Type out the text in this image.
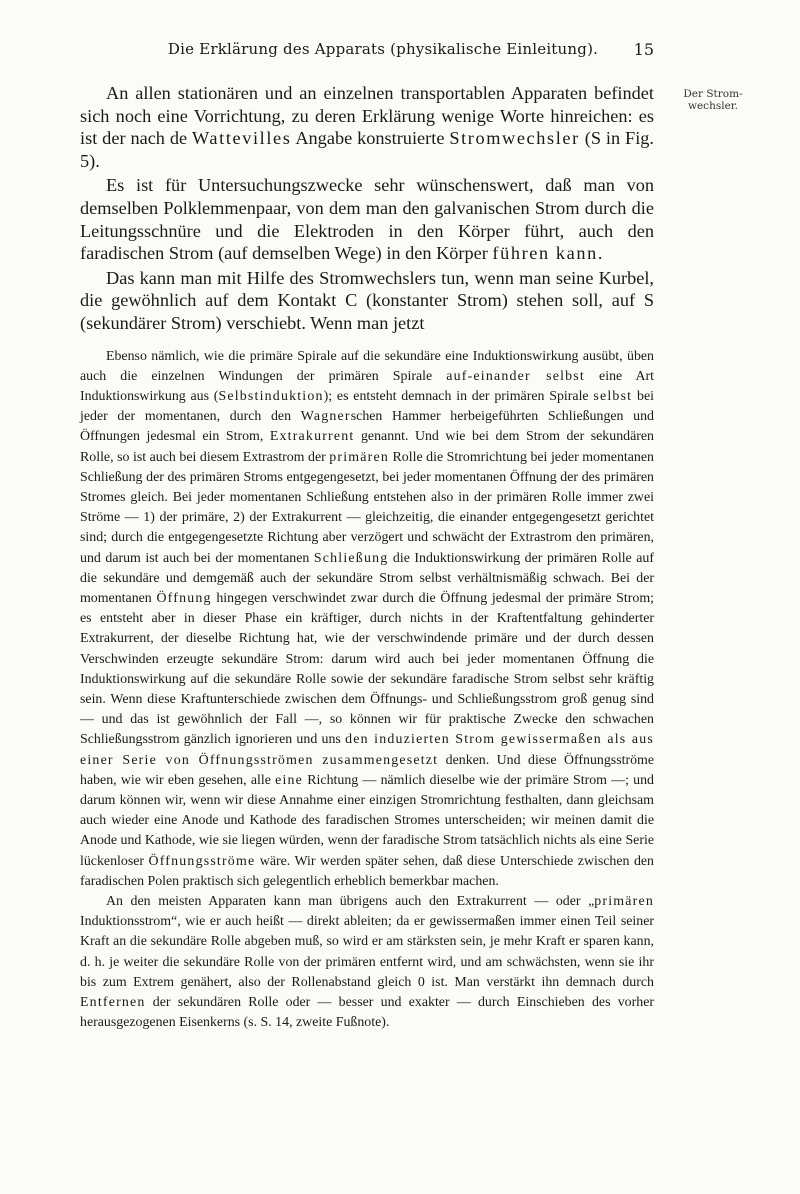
Die Erklärung des Apparats (physikalische Einleitung).	15
Der Strom-wechsler.

An allen stationären und an einzelnen transportablen Apparaten befindet sich noch eine Vorrichtung, zu deren Erklärung wenige Worte hinreichen: es ist der nach de Wattevilles Angabe konstruierte Stromwechsler (S in Fig. 5).

Es ist für Untersuchungszwecke sehr wünschenswert, daß man von demselben Polklemmenpaar, von dem man den galvanischen Strom durch die Leitungsschnüre und die Elektroden in den Körper führt, auch den faradischen Strom (auf demselben Wege) in den Körper führen kann.

Das kann man mit Hilfe des Stromwechslers tun, wenn man seine Kurbel, die gewöhnlich auf dem Kontakt C (konstanter Strom) stehen soll, auf S (sekundärer Strom) verschiebt. Wenn man jetzt

Ebenso nämlich, wie die primäre Spirale auf die sekundäre eine Induktionswirkung ausübt, üben auch die einzelnen Windungen der primären Spirale auf-einander selbst eine Art Induktionswirkung aus (Selbstinduktion); es entsteht demnach in der primären Spirale selbst bei jeder der momentanen, durch den Wagnerschen Hammer herbeigeführten Schließungen und Öffnungen jedesmal ein Strom, Extrakurrent genannt. Und wie bei dem Strom der sekundären Rolle, so ist auch bei diesem Extrastrom der primären Rolle die Stromrichtung bei jeder momentanen Schließung der des primären Stroms entgegengesetzt, bei jeder momentanen Öffnung der des primären Stromes gleich. Bei jeder momentanen Schließung entstehen also in der primären Rolle immer zwei Ströme — 1) der primäre, 2) der Extrakurrent — gleichzeitig, die einander entgegengesetzt gerichtet sind; durch die entgegengesetzte Richtung aber verzögert und schwächt der Extrastrom den primären, und darum ist auch bei der momentanen Schließung die Induktionswirkung der primären Rolle auf die sekundäre und demgemäß auch der sekundäre Strom selbst verhältnismäßig schwach. Bei der momentanen Öffnung hingegen verschwindet zwar durch die Öffnung jedesmal der primäre Strom; es entsteht aber in dieser Phase ein kräftiger, durch nichts in der Kraftentfaltung gehinderter Extrakurrent, der dieselbe Richtung hat, wie der verschwindende primäre und der durch dessen Verschwinden erzeugte sekundäre Strom: darum wird auch bei jeder momentanen Öffnung die Induktionswirkung auf die sekundäre Rolle sowie der sekundäre faradische Strom selbst sehr kräftig sein. Wenn diese Kraftunterschiede zwischen dem Öffnungs- und Schließungsstrom groß genug sind — und das ist gewöhnlich der Fall —, so können wir für praktische Zwecke den schwachen Schließungsstrom gänzlich ignorieren und uns den induzierten Strom gewissermaßen als aus einer Serie von Öffnungsströmen zusammengesetzt denken. Und diese Öffnungsströme haben, wie wir eben gesehen, alle eine Richtung — nämlich dieselbe wie der primäre Strom —; und darum können wir, wenn wir diese Annahme einer einzigen Stromrichtung festhalten, dann gleichsam auch wieder eine Anode und Kathode des faradischen Stromes unterscheiden; wir meinen damit die Anode und Kathode, wie sie liegen würden, wenn der faradische Strom tatsächlich nichts als eine Serie lückenloser Öffnungsströme wäre. Wir werden später sehen, daß diese Unterschiede zwischen den faradischen Polen praktisch sich gelegentlich erheblich bemerkbar machen.

An den meisten Apparaten kann man übrigens auch den Extrakurrent — oder „primären Induktionsstrom“, wie er auch heißt — direkt ableiten; da er gewissermaßen immer einen Teil seiner Kraft an die sekundäre Rolle abgeben muß, so wird er am stärksten sein, je mehr Kraft er sparen kann, d. h. je weiter die sekundäre Rolle von der primären entfernt wird, und am schwächsten, wenn sie ihr bis zum Extrem genähert, also der Rollenabstand gleich 0 ist. Man verstärkt ihn demnach durch Entfernen der sekundären Rolle oder — besser und exakter — durch Einschieben des vorher herausgezogenen Eisenkerns (s. S. 14, zweite Fußnote).
